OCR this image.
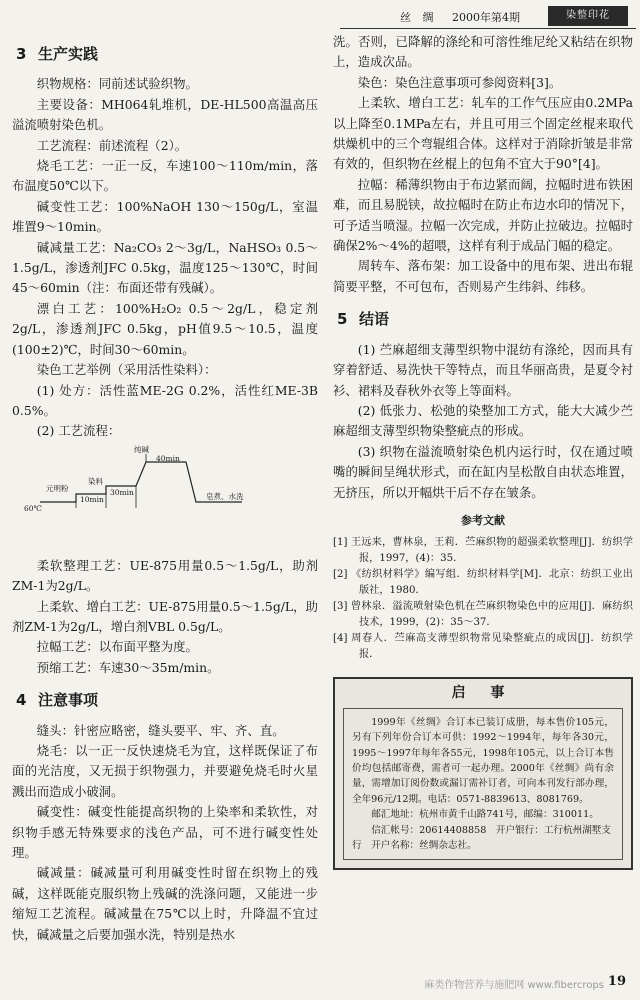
丝 绸 2000年第4期	染整印花
3 生产实践

织物规格：同前述试验织物。

主要设备：MH064轧堆机，DE-HL500高温高压溢流喷射染色机。

工艺流程：前述流程（2）。

烧毛工艺：一正一反，车速100～110m/min，落布温度50℃以下。

碱变性工艺：100%NaOH 130～150g/L，室温堆置9～10min。

碱减量工艺：Na₂CO₃ 2～3g/L，NaHSO₃ 0.5～1.5g/L，渗透剂JFC 0.5kg，温度125～130℃，时间45～60min（注：布面还带有残碱）。

漂白工艺：100%H₂O₂ 0.5～2g/L，稳定剂2g/L，渗透剂JFC 0.5kg，pH值9.5～10.5，温度(100±2)℃，时间30～60min。

染色工艺举例（采用活性染料）：

(1) 处方：活性蓝ME-2G 0.2%，活性红ME-3B 0.5%。

(2) 工艺流程：

元明粉
染料
10min
30min
60℃
纯碱
40min
皂煮、水洗

柔软整理工艺：UE-875用量0.5～1.5g/L，助剂ZM-1为2g/L。

上柔软、增白工艺：UE-875用量0.5～1.5g/L，助剂ZM-1为2g/L，增白剂VBL 0.5g/L。

拉幅工艺：以布面平整为度。

预缩工艺：车速30～35m/min。

4 注意事项

缝头：针密应略密，缝头要平、牢、齐、直。

烧毛：以一正一反快速烧毛为宜，这样既保证了布面的光洁度，又无损于织物强力，并要避免烧毛时火星溅出而造成小破洞。

碱变性：碱变性能提高织物的上染率和柔软性，对织物手感无特殊要求的浅色产品，可不进行碱变性处理。

碱减量：碱减量可利用碱变性时留在织物上的残碱，这样既能克服织物上残碱的洗涤问题，又能进一步缩短工艺流程。碱减量在75℃以上时，升降温不宜过快，碱减量之后要加强水洗，特别是热水

洗。否则，已降解的涤纶和可溶性维尼纶又粘结在织物上，造成次品。

染色：染色注意事项可参阅资料[3]。

上柔软、增白工艺：轧车的工作气压应由0.2MPa以上降至0.1MPa左右，并且可用三个固定丝棍来取代烘燥机中的三个弯辊组合体。这样对于消除折皱是非常有效的，但织物在丝棍上的包角不宜大于90°[4]。

拉幅：稀薄织物由于布边紧而阔，拉幅时进布铁困难，而且易脱铗，故拉幅时在防止布边水印的情况下，可予适当喷湿。拉幅一次完成，并防止拉破边。拉幅时确保2%～4%的超喂，这样有利于成品门幅的稳定。

周转车、落布架：加工设备中的甩布架、进出布辊简要平整，不可包布，否则易产生纬斜、纬移。

5 结语

(1) 苎麻超细支薄型织物中混纺有涤纶，因而具有穿着舒适、易洗快干等特点，而且华丽高贵，是夏令衬衫、裙料及春秋外衣等上等面料。

(2) 低张力、松弛的染整加工方式，能大大减少苎麻超细支薄型织物染整疵点的形成。

(3) 织物在溢流喷射染色机内运行时，仅在通过喷嘴的瞬间呈绳状形式，而在缸内呈松散自由状态堆置，无挤压，所以开幅烘干后不存在皱条。

参考文献

[1] 王远来，曹林泉，王莉．苎麻织物的超强柔软整理[J]．纺织学报，1997，(4)：35．

[2] 《纺织材料学》编写组．纺织材料学[M]．北京：纺织工业出版社，1980．

[3] 曾林泉．溢流喷射染色机在苎麻织物染色中的应用[J]．麻纺织技术，1999，(2)：35～37．

[4] 周春人．苎麻高支薄型织物常见染整疵点的成因[J]．纺织学报．

启 事

1999年《丝绸》合订本已装订成册，每本售价105元，另有下列年份合订本可供：1992～1994年，每年各30元，1995～1997年每年各55元，1998年105元，以上合订本售价均包括邮寄费，需者可一起办理。2000年《丝绸》尚有余量，需增加订阅份数或漏订需补订者，可向本刊发行部办理，全年96元/12期。电话：0571-8839613、8081769。

邮汇地址：杭州市黄千山路741号，邮编：310011。

信汇帐号：20614408858　开户银行：工行杭州湖墅支行　开户名称：丝绸杂志社。

麻类作物营养与施肥网 www.fibercrops 19
